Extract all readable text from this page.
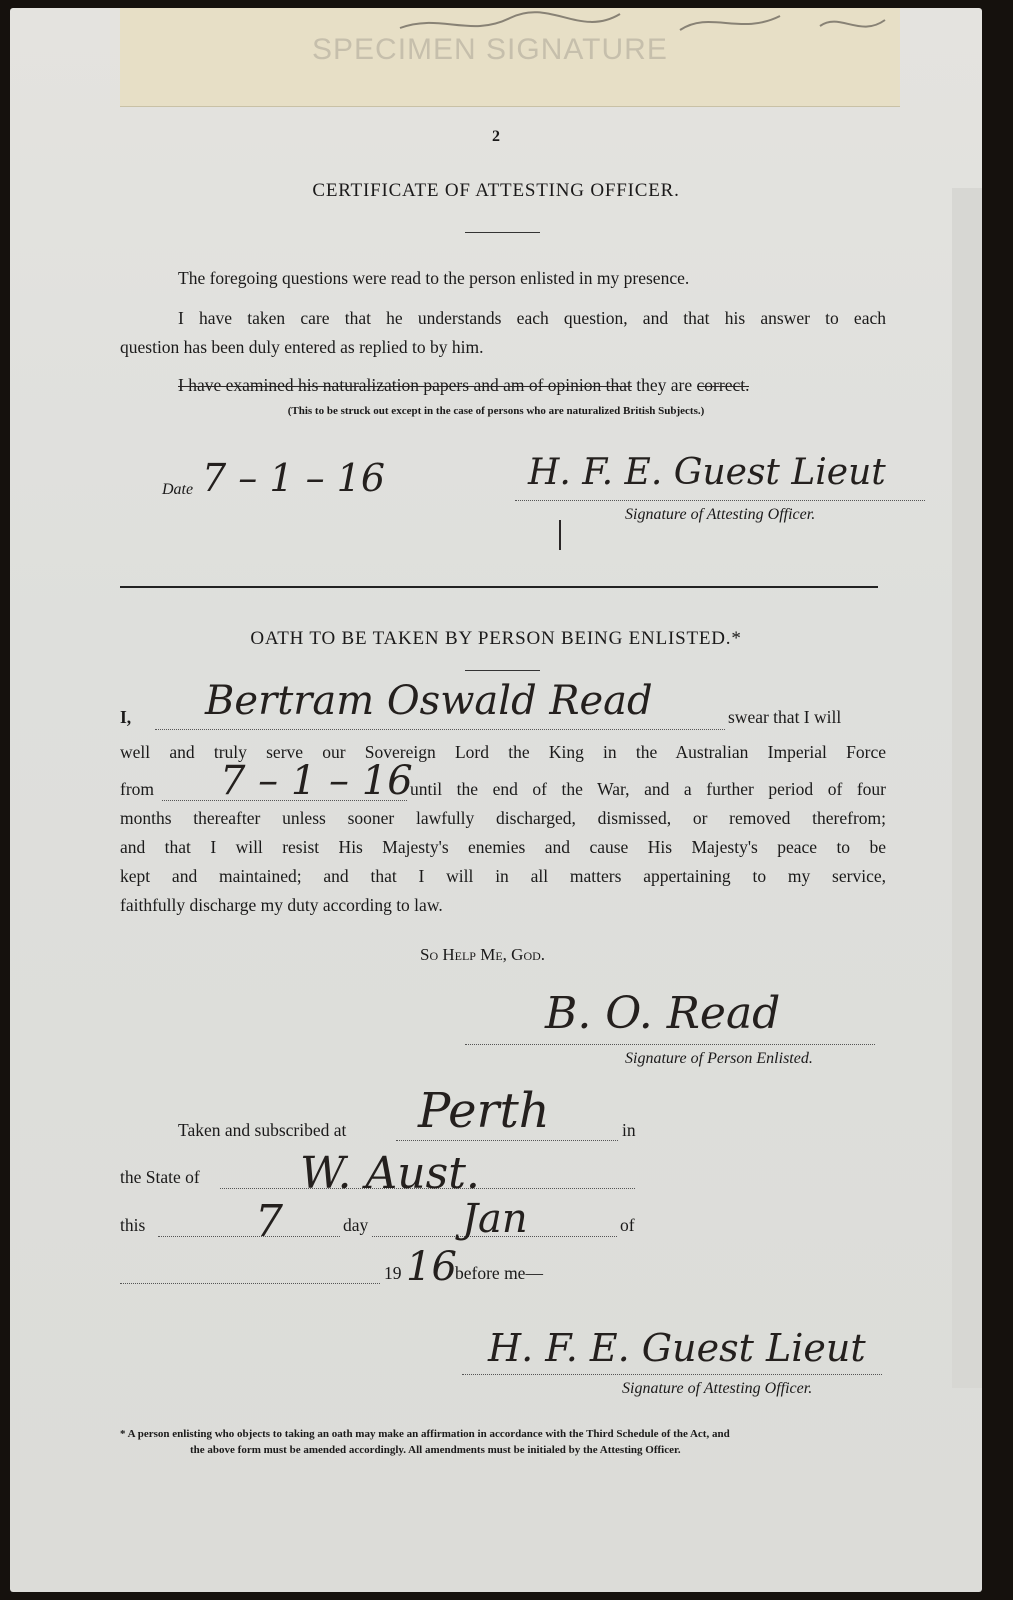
SPECIMEN SIGNATURE
2
CERTIFICATE OF ATTESTING OFFICER.
The foregoing questions were read to the person enlisted in my presence.
I have taken care that he understands each question, and that his answer to each
question has been duly entered as replied to by him.
I have examined his naturalization papers and am of opinion that they are correct.
(This to be struck out except in the case of persons who are naturalized British Subjects.)
Date 7 – 1 – 16	H. F. E. Guest Lieut
Signature of Attesting Officer.
OATH TO BE TAKEN BY PERSON BEING ENLISTED.*
I, Bertram Oswald Read	swear that I will
well and truly serve our Sovereign Lord the King in the Australian Imperial Force
from 7 – 1 – 16
until the end of the War, and a further period of four
months thereafter unless sooner lawfully discharged, dismissed, or removed therefrom;
and that I will resist His Majesty's enemies and cause His Majesty's peace to be
kept and maintained; and that I will in all matters appertaining to my service,
faithfully discharge my duty according to law.
So Help Me, God.
B. O. Read
Signature of Person Enlisted.
Taken and subscribed at Perth	in
the State of W. Aust.
this 7	day Jan	of
19 16
before me—
H. F. E. Guest Lieut
Signature of Attesting Officer.
* A person enlisting who objects to taking an oath may make an affirmation in accordance with the Third Schedule of the Act, and
the above form must be amended accordingly. All amendments must be initialed by the Attesting Officer.
